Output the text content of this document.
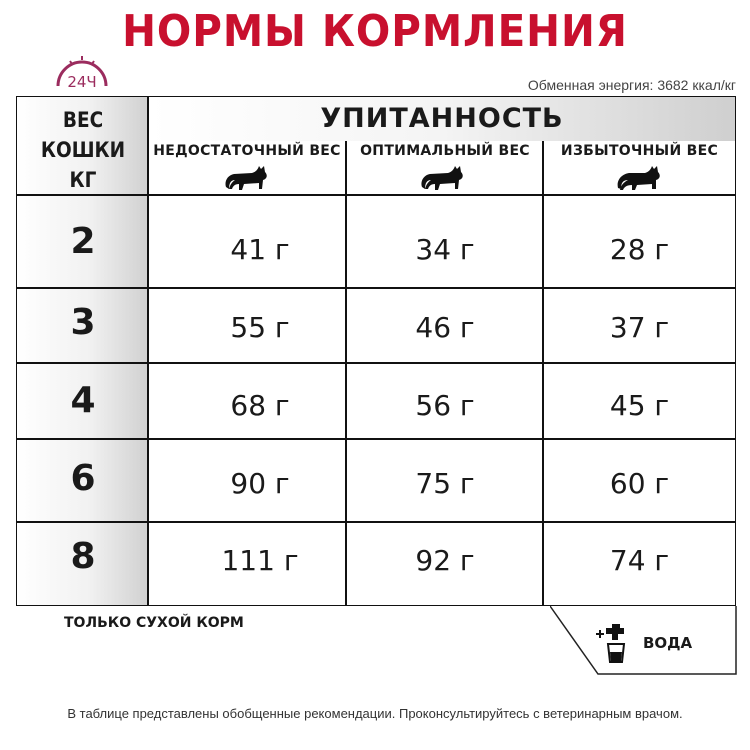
НОРМЫ КОРМЛЕНИЯ
24Ч	Обменная энергия: 3682 ккал/кг
ВЕС
КОШКИ
КГ
УПИТАННОСТЬ
НЕДОСТАТОЧНЫЙ ВЕС	ОПТИМАЛЬНЫЙ ВЕС	ИЗБЫТОЧНЫЙ ВЕС
2	41 г	34 г	28 г
3	55 г	46 г	37 г
4	68 г	56 г	45 г
6	90 г	75 г	60 г
8	111 г	92 г	74 г
ТОЛЬКО СУХОЙ КОРМ
ВОДА
В таблице представлены обобщенные рекомендации. Проконсультируйтесь с ветеринарным врачом.
